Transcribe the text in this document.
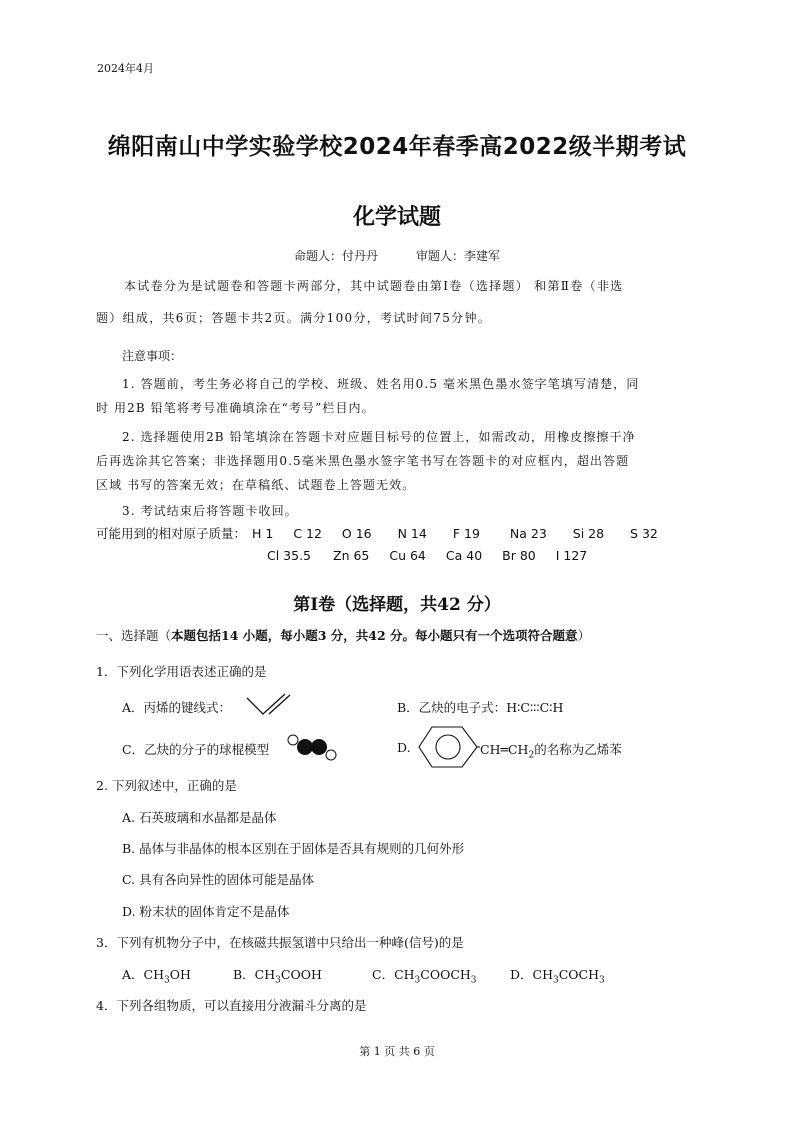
2024年4月
绵阳南山中学实验学校2024年春季高2022级半期考试
化学试题
命题人：付丹丹	审题人：李建军
本试卷分为是试题卷和答题卡两部分，其中试题卷由第Ⅰ卷（选择题） 和第Ⅱ卷（非选
题）组成，共6页；答题卡共2页。满分100分，考试时间75分钟。
注意事项：
1. 答题前，考生务必将自己的学校、班级、姓名用0.5 毫米黑色墨水签字笔填写清楚，同
时 用2B 铅笔将考号准确填涂在“考号”栏目内。
2. 选择题使用2B 铅笔填涂在答题卡对应题目标号的位置上，如需改动，用橡皮擦擦干净
后再选涂其它答案；非选择题用0.5毫米黑色墨水签字笔书写在答题卡的对应框内，超出答题
区域 书写的答案无效；在草稿纸、试题卷上答题无效。
3. 考试结束后将答题卡收回。
可能用到的相对原子质量： H 1 C 12 O 16 N 14 F 19 Na 23 Si 28 S 32
Cl 35.5 Zn 65 Cu 64 Ca 40 Br 80 I 127
第Ⅰ卷（选择题，共42 分）
一、选择题（本题包括14 小题，每小题3 分，共42 分。每小题只有一个选项符合题意）
1．下列化学用语表述正确的是
A．丙烯的键线式：	B．乙炔的电子式：H∶C∶∶∶C∶H
C．乙炔的分子的球棍模型	D.	$CH═CH_2$的名称为乙烯苯
2. 下列叙述中，正确的是
A. 石英玻璃和水晶都是晶体
B. 晶体与非晶体的根本区别在于固体是否具有规则的几何外形
C. 具有各向异性的固体可能是晶体
D. 粉末状的固体肯定不是晶体
3．下列有机物分子中，在核磁共振氢谱中只给出一种峰(信号)的是
A．$CH_3OH$	B．$CH_3COOH$	C．$CH_3COOCH_3$	D．$CH_3COCH_3$
4．下列各组物质，可以直接用分液漏斗分离的是
第 1 页 共 6 页
